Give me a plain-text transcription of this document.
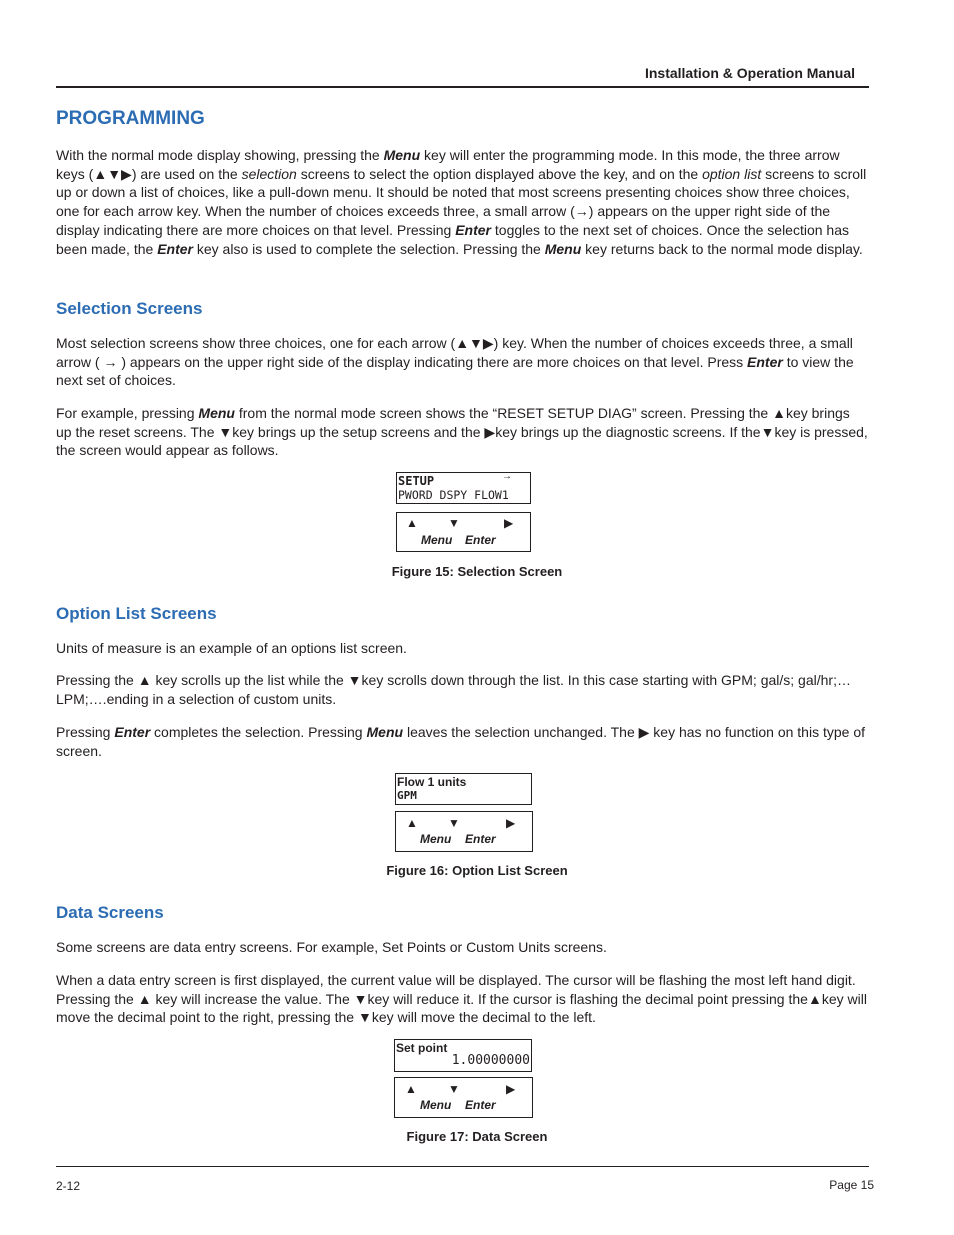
Installation & Operation Manual
PROGRAMMING

With the normal mode display showing, pressing the Menu key will enter the programming mode. In this mode, the three arrow keys (▲▼▶) are used on the selection screens to select the option displayed above the key, and on the option list screens to scroll up or down a list of choices, like a pull-down menu. It should be noted that most screens presenting choices show three choices, one for each arrow key. When the number of choices exceeds three, a small arrow (→) appears on the upper right side of the display indicating there are more choices on that level. Pressing Enter toggles to the next set of choices. Once the selection has been made, the Enter key also is used to complete the selection. Pressing the Menu key returns back to the normal mode display.

Selection Screens

Most selection screens show three choices, one for each arrow (▲▼▶) key. When the number of choices exceeds three, a small arrow ( → ) appears on the upper right side of the display indicating there are more choices on that level. Press Enter to view the next set of choices.

For example, pressing Menu from the normal mode screen shows the “RESET SETUP DIAG” screen. Pressing the ▲key brings up the reset screens. The ▼key brings up the setup screens and the ▶key brings up the diagnostic screens. If the▼key is pressed, the screen would appear as follows.

SETUP	→
PWORD DSPY FLOW1
▲	▼	▶
Menu Enter
Figure 15: Selection Screen
Option List Screens

Units of measure is an example of an options list screen.

Pressing the ▲ key scrolls up the list while the ▼key scrolls down through the list. In this case starting with GPM; gal/s; gal/hr;…LPM;….ending in a selection of custom units.

Pressing Enter completes the selection. Pressing Menu leaves the selection unchanged. The ▶ key has no function on this type of screen.

Flow 1 units
GPM
▲	▼	▶
Menu Enter
Figure 16: Option List Screen
Data Screens

Some screens are data entry screens. For example, Set Points or Custom Units screens.

When a data entry screen is first displayed, the current value will be displayed. The cursor will be flashing the most left hand digit. Pressing the ▲ key will increase the value. The ▼key will reduce it. If the cursor is flashing the decimal point pressing the▲key will move the decimal point to the right, pressing the ▼key will move the decimal to the left.

Set point
1.00000000
▲	▼	▶
Menu Enter
Figure 17: Data Screen
2-12	Page 15
